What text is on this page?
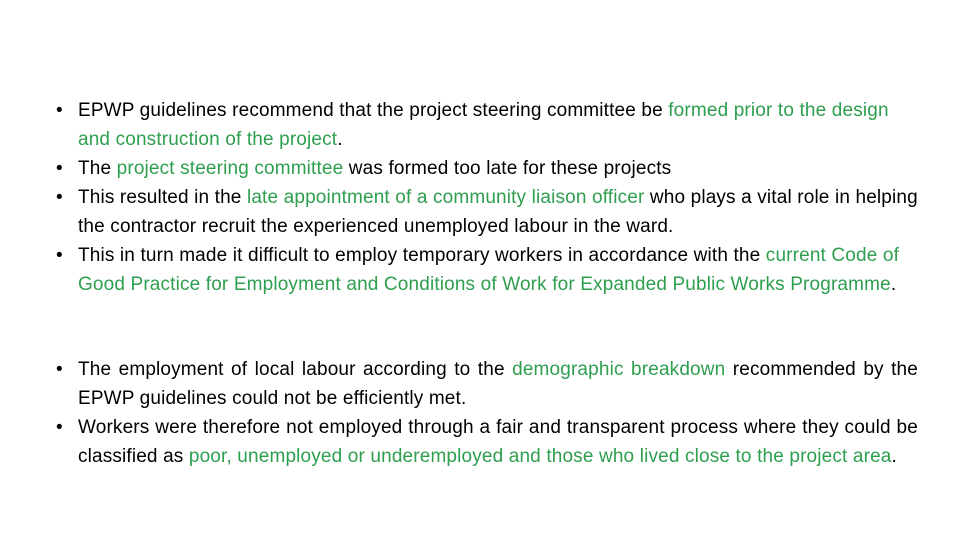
• EPWP guidelines recommend that the project steering committee be formed prior to the design and construction of the project.
• The project steering committee was formed too late for these projects
• This resulted in the late appointment of a community liaison officer who plays a vital role in helping the contractor recruit the experienced unemployed labour in the ward.
• This in turn made it difficult to employ temporary workers in accordance with the current Code of Good Practice for Employment and Conditions of Work for Expanded Public Works Programme.
• The employment of local labour according to the demographic breakdown recommended by the EPWP guidelines could not be efficiently met.
• Workers were therefore not employed through a fair and transparent process where they could be classified as poor, unemployed or underemployed and those who lived close to the project area.
